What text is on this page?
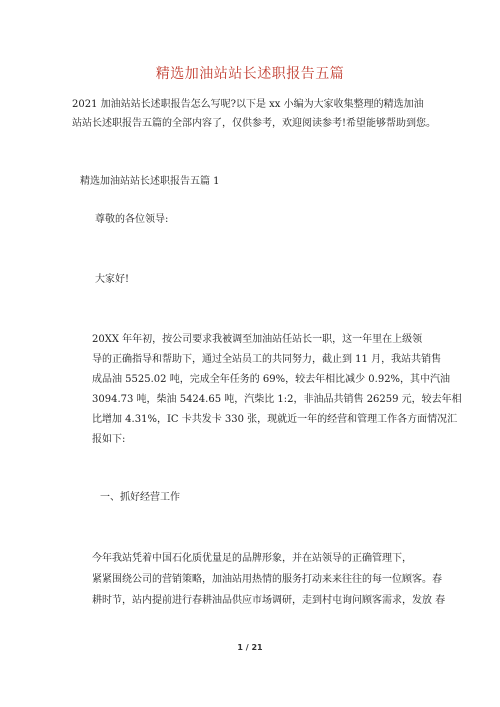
精选加油站站长述职报告五篇
2021 加油站站长述职报告怎么写呢?以下是 xx 小编为大家收集整理的精选加油
站站长述职报告五篇的全部内容了，仅供参考，欢迎阅读参考!希望能够帮助到您。
精选加油站站长述职报告五篇 1
尊敬的各位领导:
大家好!
20XX 年年初，按公司要求我被调至加油站任站长一职，这一年里在上级领
导的正确指导和帮助下，通过全站员工的共同努力，截止到 11 月，我站共销售
成品油 5525.02 吨，完成全年任务的 69%，较去年相比减少 0.92%，其中汽油
3094.73 吨，柴油 5424.65 吨，汽柴比 1:2，非油品共销售 26259 元，较去年相
比增加 4.31%，IC 卡共发卡 330 张，现就近一年的经营和管理工作各方面情况汇
报如下:
一、抓好经营工作
今年我站凭着中国石化质优量足的品牌形象，并在站领导的正确管理下，
紧紧围绕公司的营销策略，加油站用热情的服务打动来来往往的每一位顾客。春
耕时节，站内提前进行春耕油品供应市场调研，走到村屯询问顾客需求，发放 春
1 / 21
